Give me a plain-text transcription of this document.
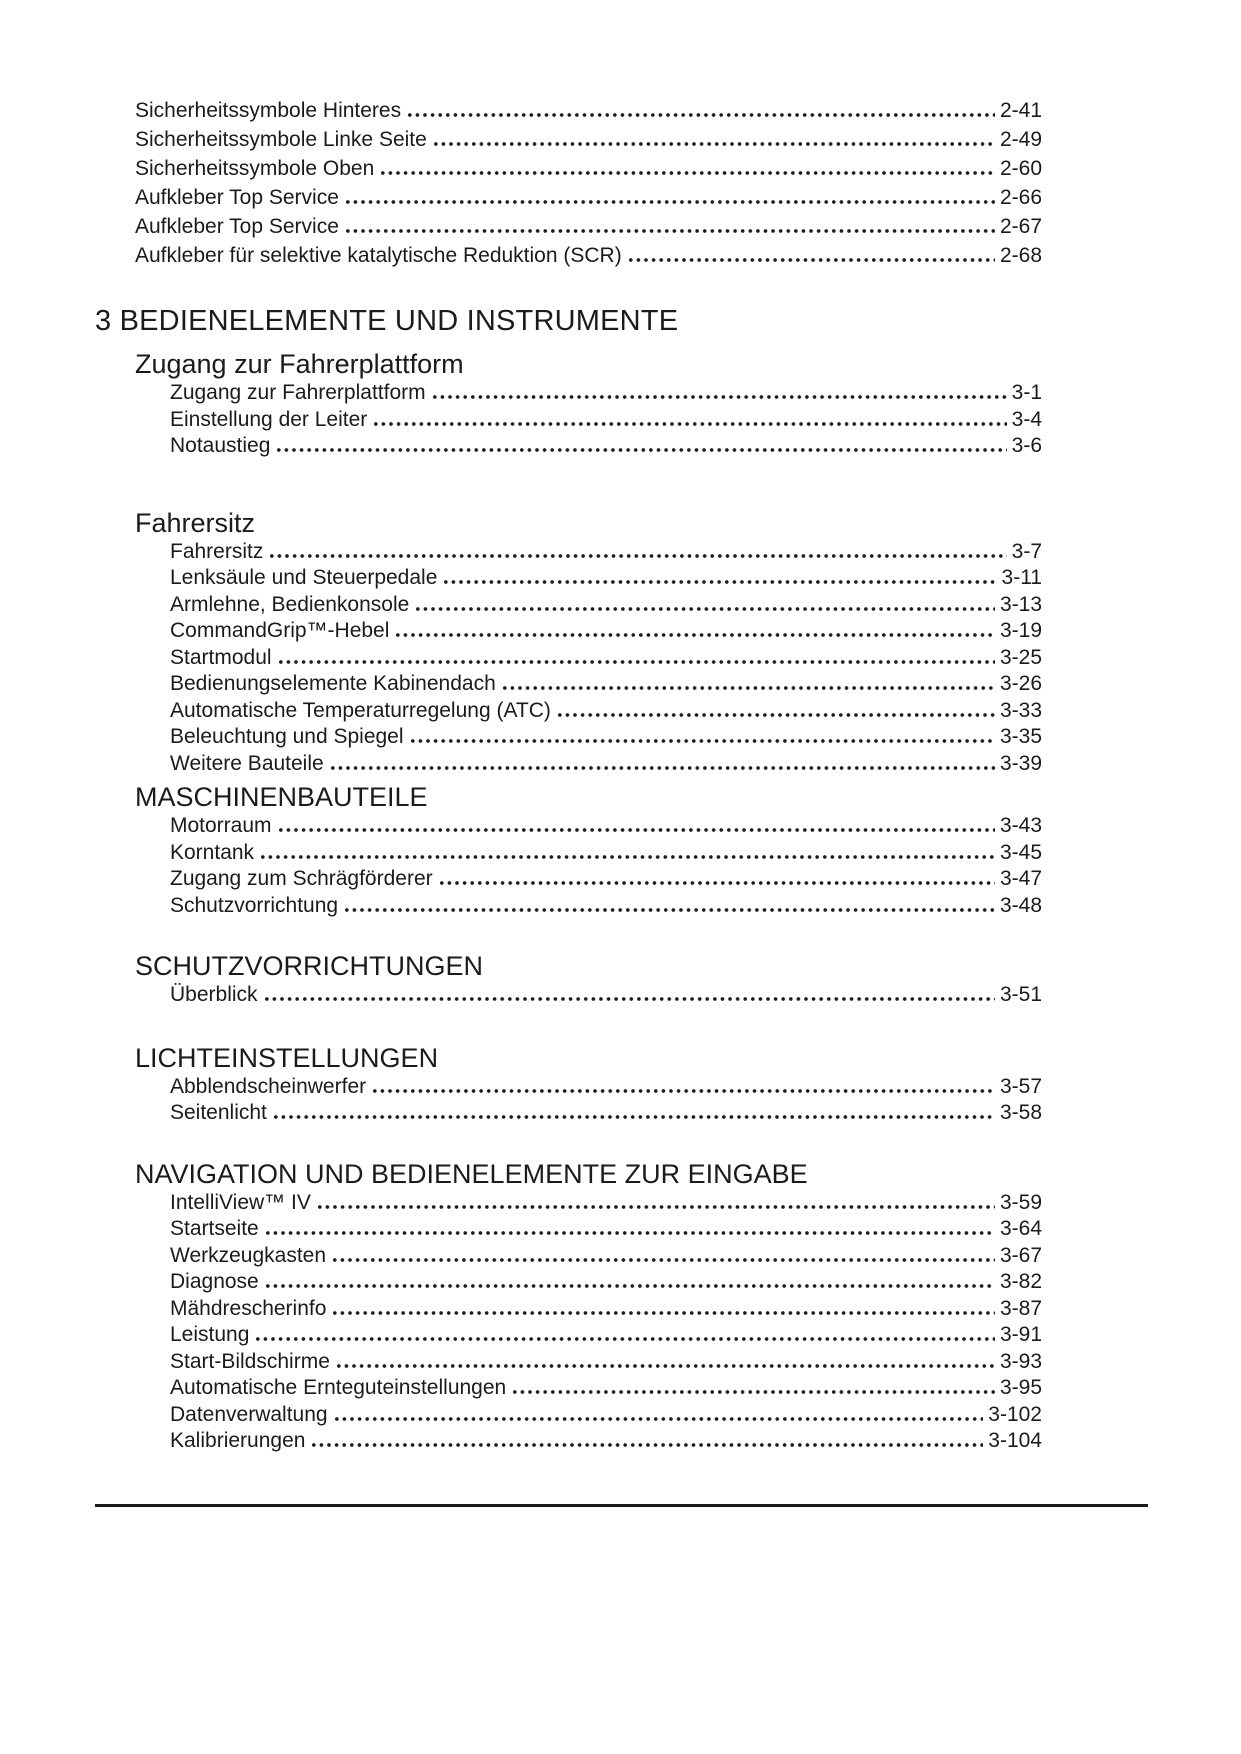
Sicherheitssymbole Hinteres	2-41
Sicherheitssymbole Linke Seite	2-49
Sicherheitssymbole Oben	2-60
Aufkleber Top Service	2-66
Aufkleber Top Service	2-67
Aufkleber für selektive katalytische Reduktion (SCR)	2-68
3 BEDIENELEMENTE UND INSTRUMENTE
Zugang zur Fahrerplattform
Zugang zur Fahrerplattform	3-1
Einstellung der Leiter	3-4
Notaustieg	3-6
Fahrersitz
Fahrersitz	3-7
Lenksäule und Steuerpedale	3-11
Armlehne, Bedienkonsole	3-13
CommandGrip™-Hebel	3-19
Startmodul	3-25
Bedienungselemente Kabinendach	3-26
Automatische Temperaturregelung (ATC)	3-33
Beleuchtung und Spiegel	3-35
Weitere Bauteile	3-39
MASCHINENBAUTEILE
Motorraum	3-43
Korntank	3-45
Zugang zum Schrägförderer	3-47
Schutzvorrichtung	3-48
SCHUTZVORRICHTUNGEN
Überblick	3-51
LICHTEINSTELLUNGEN
Abblendscheinwerfer	3-57
Seitenlicht	3-58
NAVIGATION UND BEDIENELEMENTE ZUR EINGABE
IntelliView™ IV	3-59
Startseite	3-64
Werkzeugkasten	3-67
Diagnose	3-82
Mähdrescherinfo	3-87
Leistung	3-91
Start-Bildschirme	3-93
Automatische Ernteguteinstellungen	3-95
Datenverwaltung	3-102
Kalibrierungen	3-104
